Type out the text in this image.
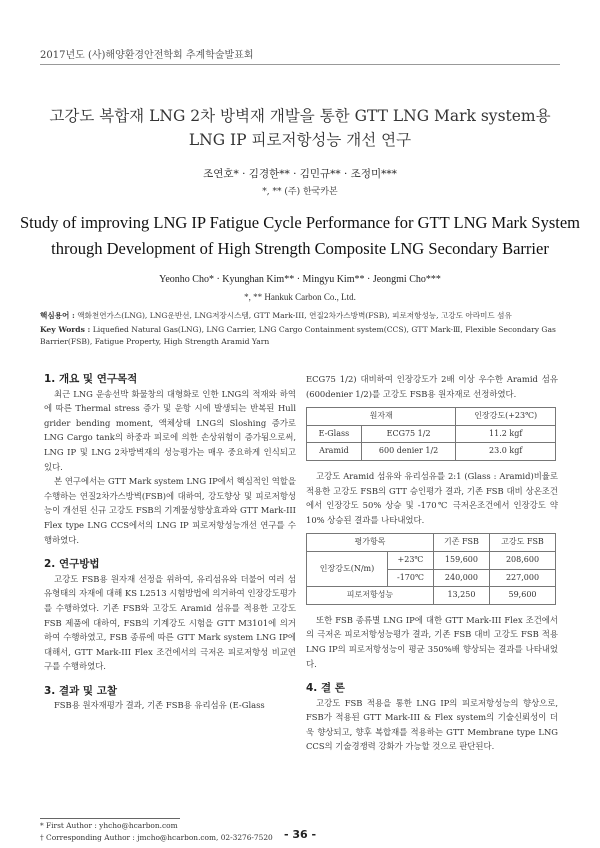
2017년도 (사)해양환경안전학회 추계학술발표회
고강도 복합재 LNG 2차 방벽재 개발을 통한 GTT LNG Mark system용
LNG IP 피로저항성능 개선 연구
조연호* · 김경한** · 김민규** · 조정미***
*, ** (주) 한국카본
Study of improving LNG IP Fatigue Cycle Performance for GTT LNG Mark System
through Development of High Strength Composite LNG Secondary Barrier
Yeonho Cho* · Kyunghan Kim** · Mingyu Kim** · Jeongmi Cho***
*, ** Hankuk Carbon Co., Ltd.
핵심용어 : 액화천연가스(LNG), LNG운반선, LNG저장시스템, GTT Mark-III, 연질2차가스방벽(FSB), 피로저항성능, 고강도 아라미드 섬유
Key Words : Liquefied Natural Gas(LNG), LNG Carrier, LNG Cargo Containment system(CCS), GTT Mark-Ⅲ, Flexible Secondary Gas Barrier(FSB), Fatigue Property, High Strength Aramid Yarn
1. 개요 및 연구목적

최근 LNG 운송선박 화물창의 대형화로 인한 LNG의 적재와 하역에 따른 Thermal stress 증가 및 운항 시에 발생되는 반복된 Hull grider bending moment, 액체상태 LNG의 Sloshing 증가로 LNG Cargo tank의 하중과 피로에 의한 손상위험이 증가됨으로써, LNG IP 및 LNG 2차방벽재의 성능평가는 매우 중요하게 인식되고 있다.

본 연구에서는 GTT Mark system LNG IP에서 핵심적인 역할을 수행하는 연질2차가스방벽(FSB)에 대하여, 강도향상 및 피로저항성능이 개선된 신규 고강도 FSB의 기계물성향상효과와 GTT Mark-III Flex type LNG CCS에서의 LNG IP 피로저항성능개선 연구를 수행하였다.

2. 연구방법

고강도 FSB용 원자재 선정을 위하여, 유리섬유와 더불어 여러 섬유형태의 자재에 대해 KS L2513 시험방법에 의거하여 인장강도평가를 수행하였다. 기존 FSB와 고강도 Aramid 섬유를 적용한 고강도 FSB 제품에 대하여, FSB의 기계강도 시험을 GTT M3101에 의거하여 수행하였고, FSB 종류에 따른 GTT Mark system LNG IP에 대해서, GTT Mark-III Flex 조건에서의 극저온 피로저항성 비교연구를 수행하였다.

3. 결과 및 고찰

FSB용 원자재평가 결과, 기존 FSB용 유리섬유 (E-Glass

* First Author : yhcho@hcarbon.com
† Corresponding Author : jmcho@hcarbon.com, 02-3276-7520

ECG75 1/2) 대비하여 인장강도가 2배 이상 우수한 Aramid 섬유 (600denier 1/2)를 고강도 FSB용 원자재로 선정하였다.

원자재		인장강도(+23℃)
E-Glass	ECG75 1/2	11.2 kgf
Aramid	600 denier 1/2	23.0 kgf

고강도 Aramid 섬유와 유리섬유를 2:1 (Glass : Aramid)비율로 적용한 고강도 FSB의 GTT 승인평가 결과, 기존 FSB 대비 상온조건에서 인장강도 50% 상승 및 -170℃ 극저온조건에서 인장강도 약 10% 상승된 결과를 나타내었다.

평가항목		기존 FSB	고강도 FSB
인장강도(N/m)	+23℃	159,600	208,600
	-170℃	240,000	227,000
피로저항성능		13,250	59,600

또한 FSB 종류별 LNG IP에 대한 GTT Mark-III Flex 조건에서의 극저온 피로저항성능평가 결과, 기존 FSB 대비 고강도 FSB 적용 LNG IP의 피로저항성능이 평균 350%배 향상되는 결과를 나타내었다.

4. 결 론

고강도 FSB 적용을 통한 LNG IP의 피로저항성능의 향상으로, FSB가 적용된 GTT Mark-III & Flex system의 기술신뢰성이 더욱 향상되고, 향후 복합재를 적용하는 GTT Membrane type LNG CCS의 기술경쟁력 강화가 가능할 것으로 판단된다.

- 36 -
